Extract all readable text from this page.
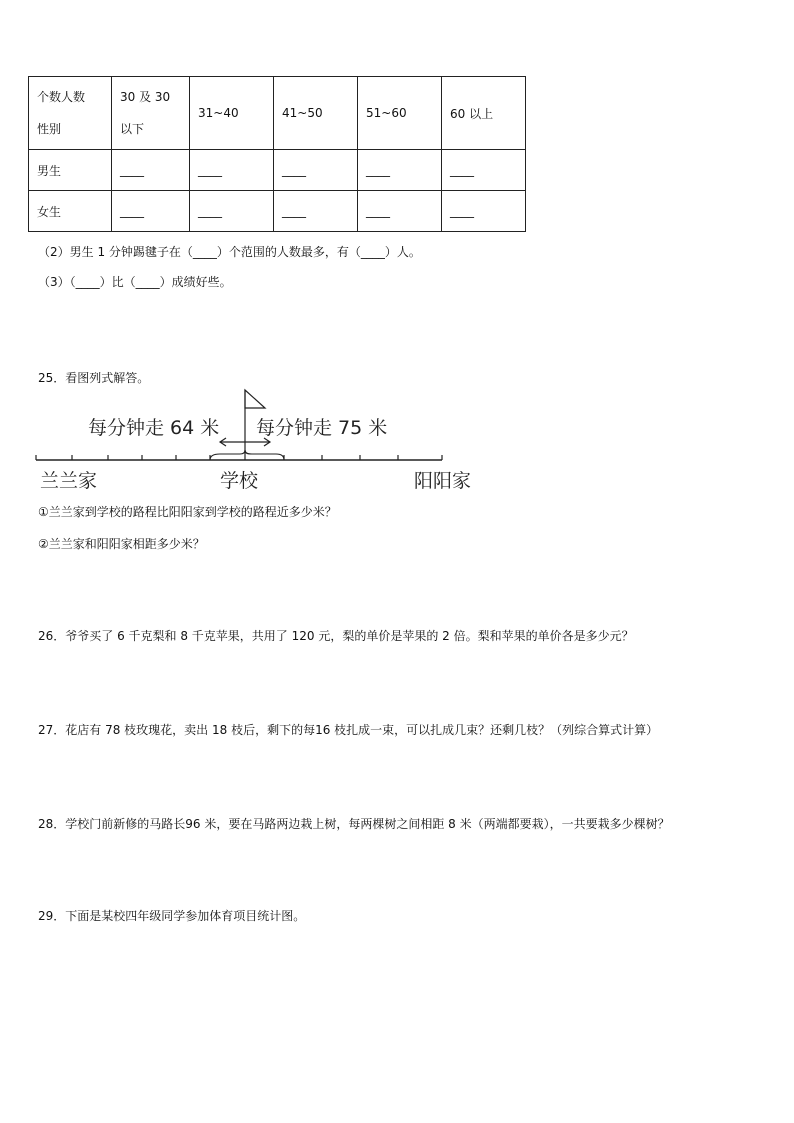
个数人数
性别	30 及 30 以下	31~40	41~50	51~60	60 以上
男生	____	____	____	____	____
女生	____	____	____	____	____
（2）男生 1 分钟踢毽子在（____）个范围的人数最多，有（____）人。
（3）（____）比（____）成绩好些。
25．看图列式解答。
每分钟走 64 米 每分钟走 75 米
兰兰家	学校	阳阳家
①兰兰家到学校的路程比阳阳家到学校的路程近多少米？
②兰兰家和阳阳家相距多少米？
26．爷爷买了 6 千克梨和 8 千克苹果，共用了 120 元，梨的单价是苹果的 2 倍。梨和苹果的单价各是多少元？
27．花店有 78 枝玫瑰花，卖出 18 枝后，剩下的每16 枝扎成一束，可以扎成几束？还剩几枝？（列综合算式计算）
28．学校门前新修的马路长96 米，要在马路两边栽上树，每两棵树之间相距 8 米（两端都要栽），一共要栽多少棵树？
29．下面是某校四年级同学参加体育项目统计图。
